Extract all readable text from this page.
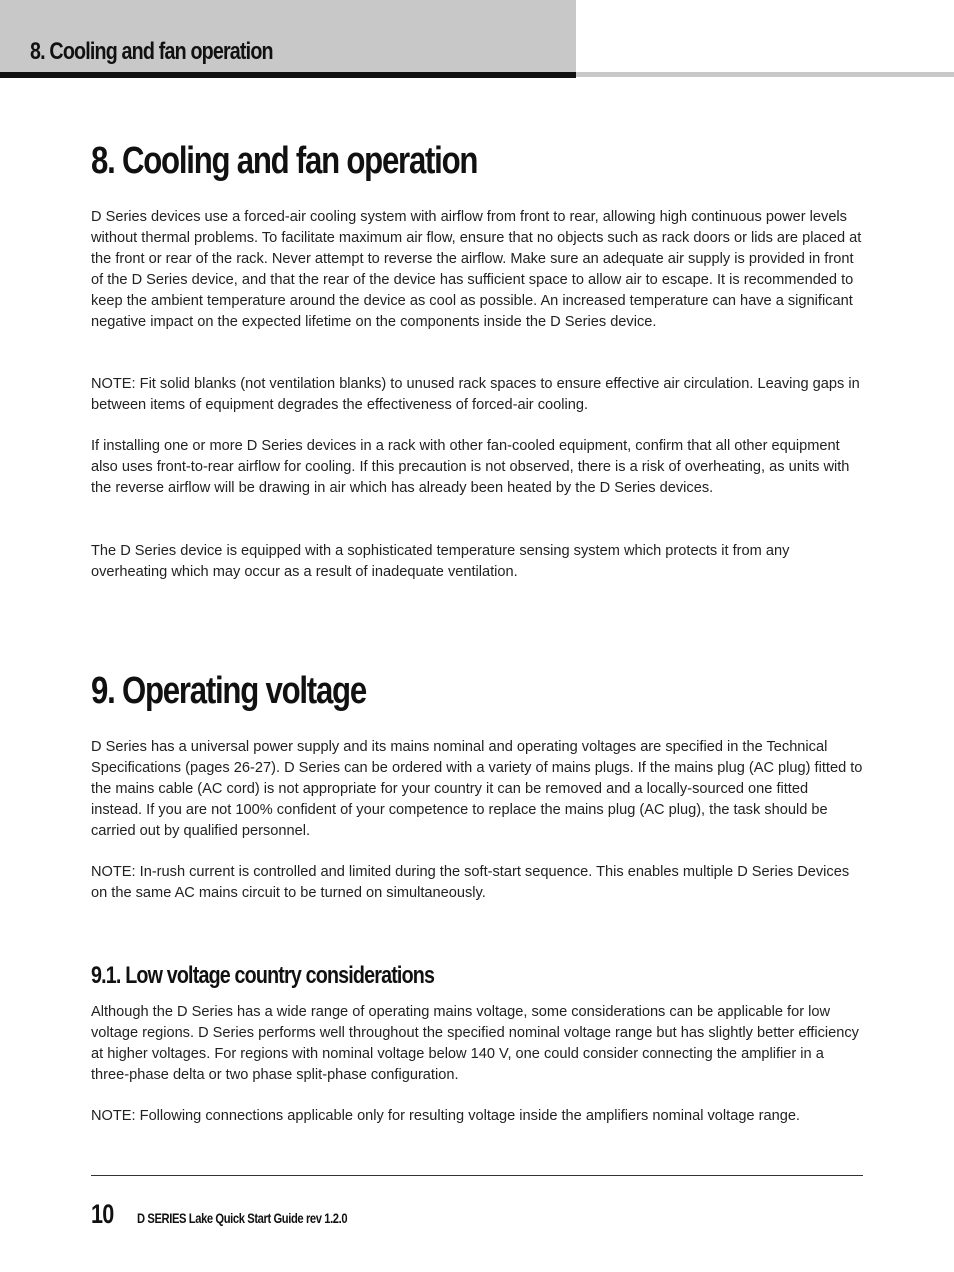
8. Cooling and fan operation
8. Cooling and fan operation

D Series devices use a forced-air cooling system with airflow from front to rear, allowing high continuous power levels without thermal problems. To facilitate maximum air flow, ensure that no objects such as rack doors or lids are placed at the front or rear of the rack. Never attempt to reverse the airflow. Make sure an adequate air supply is provided in front of the D Series device, and that the rear of the device has sufficient space to allow air to escape. It is recommended to keep the ambient temperature around the device as cool as possible. An increased temperature can have a significant negative impact on the expected lifetime on the components inside the D Series device.

NOTE: Fit solid blanks (not ventilation blanks) to unused rack spaces to ensure effective air circulation. Leaving gaps in between items of equipment degrades the effectiveness of forced-air cooling.

If installing one or more D Series devices in a rack with other fan-cooled equipment, confirm that all other equipment also uses front-to-rear airflow for cooling. If this precaution is not observed, there is a risk of overheating, as units with the reverse airflow will be drawing in air which has already been heated by the D Series devices.

The D Series device is equipped with a sophisticated temperature sensing system which protects it from any overheating which may occur as a result of inadequate ventilation.

9. Operating voltage

D Series has a universal power supply and its mains nominal and operating voltages are specified in the Technical Specifications (pages 26-27). D Series can be ordered with a variety of mains plugs. If the mains plug (AC plug) fitted to the mains cable (AC cord) is not appropriate for your country it can be removed and a locally-sourced one fitted instead. If you are not 100% confident of your competence to replace the mains plug (AC plug), the task should be carried out by qualified personnel.

NOTE: In-rush current is controlled and limited during the soft-start sequence. This enables multiple D Series Devices on the same AC mains circuit to be turned on simultaneously.

9.1. Low voltage country considerations

Although the D Series has a wide range of operating mains voltage, some considerations can be applicable for low voltage regions. D Series performs well throughout the specified nominal voltage range but has slightly better efficiency at higher voltages. For regions with nominal voltage below 140 V, one could consider connecting the amplifier in a three-phase delta or two phase split-phase configuration.

NOTE: Following connections applicable only for resulting voltage inside the amplifiers nominal voltage range.

10 D SERIES Lake Quick Start Guide rev 1.2.0
